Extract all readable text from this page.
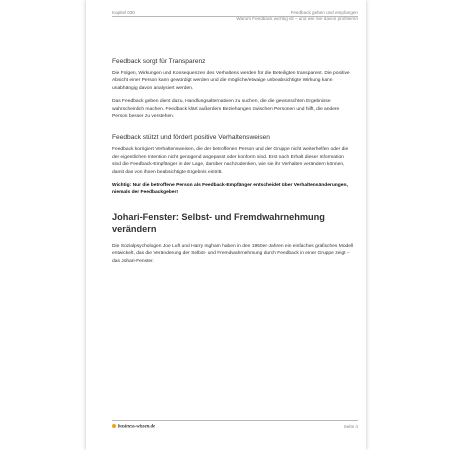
Kapitel 030	Feedback geben und empfangen
Warum Feedback wichtig ist – und wie Sie davon profitieren
Feedback sorgt für Transparenz

Die Folgen, Wirkungen und Konsequenzen des Verhaltens werden für die Beteiligten transparent. Die positive Absicht einer Person kann gewürdigt werden und die mögliche/etwaige unbeabsichtigte Wirkung kann unabhängig davon analysiert werden.

Das Feedback geben dient dazu, Handlungsalternativen zu suchen, die die gewünschten Ergebnisse wahrscheinlich machen. Feedback klärt außerdem Beziehungen zwischen Personen und hilft, die andere Person besser zu verstehen.

Feedback stützt und fördert positive Verhaltensweisen

Feedback korrigiert Verhaltensweisen, die der betroffenen Person und der Gruppe nicht weiterhelfen oder die der eigentlichen Intention nicht genügend angepasst oder konform sind. Erst nach Erhalt dieser Information sind die Feedback-Empfänger in der Lage, darüber nachzudenken, wie sie ihr Verhalten verändern können, damit das von ihnen beabsichtigte Ergebnis eintritt.

Wichtig: Nur die betroffene Person als Feedback-Empfänger entscheidet über Verhaltensänderungen, niemals der Feedbackgeber!

Johari-Fenster: Selbst- und Fremdwahrnehmung verändern

Die Sozialpsychologen Joe Luft und Harry Ingham haben in den 1950er-Jahren ein einfaches grafisches Modell entwickelt, das die Veränderung der Selbst- und Fremdwahrnehmung durch Feedback in einer Gruppe zeigt – das Johari-Fenster.

business-wissen.de	Seite 4
